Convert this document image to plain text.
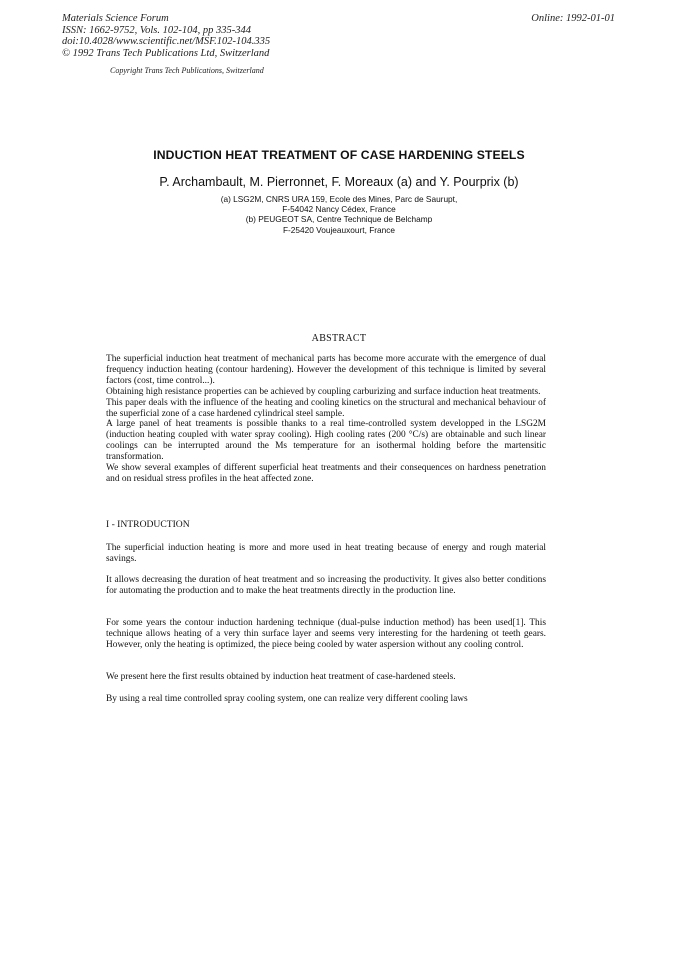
Materials Science Forum
ISSN: 1662-9752, Vols. 102-104, pp 335-344
doi:10.4028/www.scientific.net/MSF.102-104.335
© 1992 Trans Tech Publications Ltd, Switzerland
Online: 1992-01-01
Copyright Trans Tech Publications, Switzerland
INDUCTION HEAT TREATMENT OF CASE HARDENING STEELS
P. Archambault, M. Pierronnet, F. Moreaux (a) and Y. Pourprix (b)
(a) LSG2M, CNRS URA 159, Ecole des Mines, Parc de Saurupt,
F-54042 Nancy Cédex, France
(b) PEUGEOT SA, Centre Technique de Belchamp
F-25420 Voujeauxourt, France
ABSTRACT

The superficial induction heat treatment of mechanical parts has become more accurate with the emergence of dual frequency induction heating (contour hardening). However the development of this technique is limited by several factors (cost, time control...).

Obtaining high resistance properties can be achieved by coupling carburizing and surface induction heat treatments.

This paper deals with the influence of the heating and cooling kinetics on the structural and mechanical behaviour of the superficial zone of a case hardened cylindrical steel sample.

A large panel of heat treaments is possible thanks to a real time-controlled system developped in the LSG2M (induction heating coupled with water spray cooling). High cooling rates (200 °C/s) are obtainable and such linear coolings can be interrupted around the Ms temperature for an isothermal holding before the martensitic transformation.

We show several examples of different superficial heat treatments and their consequences on hardness penetration and on residual stress profiles in the heat affected zone.

I - INTRODUCTION

The superficial induction heating is more and more used in heat treating because of energy and rough material savings.

It allows decreasing the duration of heat treatment and so increasing the productivity. It gives also better conditions for automating the production and to make the heat treatments directly in the production line.

For some years the contour induction hardening technique (dual-pulse induction method) has been used[1]. This technique allows heating of a very thin surface layer and seems very interesting for the hardening ot teeth gears. However, only the heating is optimized, the piece being cooled by water aspersion without any cooling control.

We present here the first results obtained by induction heat treatment of case-hardened steels.

By using a real time controlled spray cooling system, one can realize very different cooling laws
